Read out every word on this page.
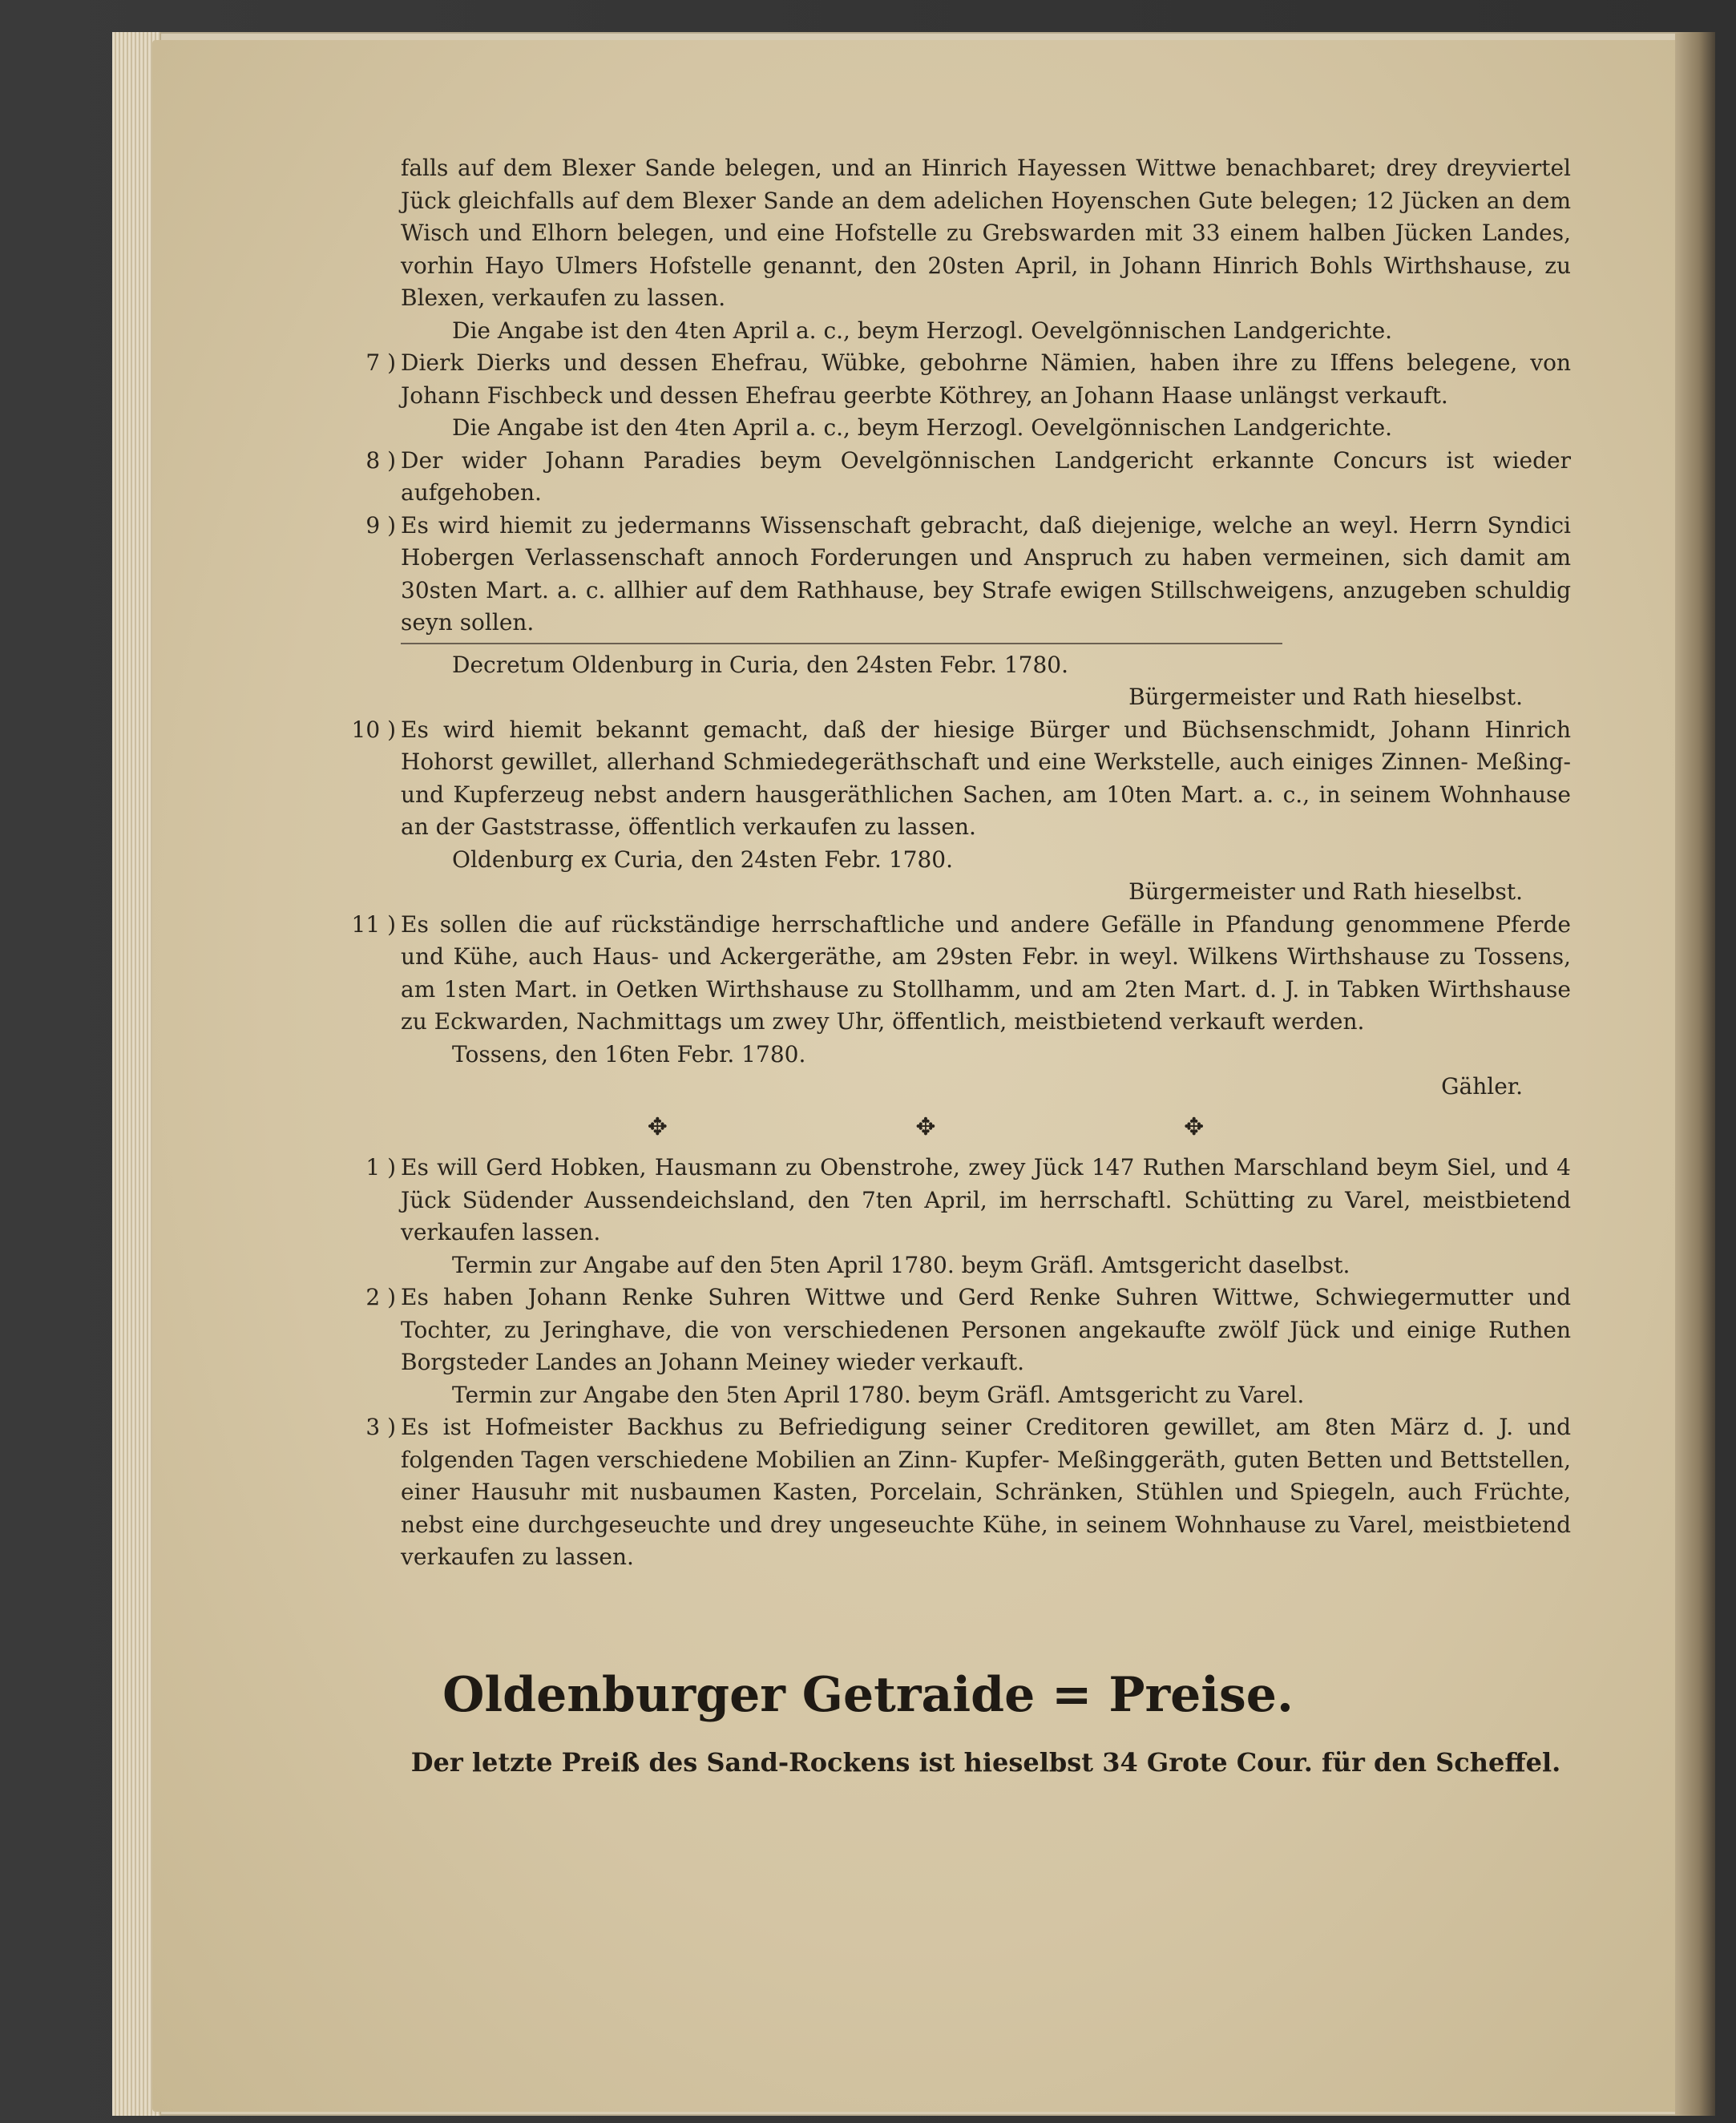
falls auf dem Blexer Sande belegen, und an Hinrich Hayessen Wittwe benachbaret; drey dreyviertel Jück gleichfalls auf dem Blexer Sande an dem adelichen Hoyenschen Gute belegen; 12 Jücken an dem Wisch und Elhorn belegen, und eine Hofstelle zu Grebswarden mit 33 einem halben Jücken Landes, vorhin Hayo Ulmers Hofstelle genannt, den 20sten April, in Johann Hinrich Bohls Wirthshause, zu Blexen, verkaufen zu lassen.

Die Angabe ist den 4ten April a. c., beym Herzogl. Oevelgönnischen Landgerichte.

7 ) Dierk Dierks und dessen Ehefrau, Wübke, gebohrne Nämien, haben ihre zu Iffens belegene, von Johann Fischbeck und dessen Ehefrau geerbte Köthrey, an Johann Haase unlängst verkauft.

Die Angabe ist den 4ten April a. c., beym Herzogl. Oevelgönnischen Landgerichte.

8 ) Der wider Johann Paradies beym Oevelgönnischen Landgericht erkannte Concurs ist wieder aufgehoben.

9 ) Es wird hiemit zu jedermanns Wissenschaft gebracht, daß diejenige, welche an weyl. Herrn Syndici Hobergen Verlassenschaft annoch Forderungen und Anspruch zu haben vermeinen, sich damit am 30sten Mart. a. c. allhier auf dem Rathhause, bey Strafe ewigen Stillschweigens, anzugeben schuldig seyn sollen.

Decretum Oldenburg in Curia, den 24sten Febr. 1780.

Bürgermeister und Rath hieselbst.

10 ) Es wird hiemit bekannt gemacht, daß der hiesige Bürger und Büchsenschmidt, Johann Hinrich Hohorst gewillet, allerhand Schmiedegeräthschaft und eine Werkstelle, auch einiges Zinnen- Meßing- und Kupferzeug nebst andern hausgeräthlichen Sachen, am 10ten Mart. a. c., in seinem Wohnhause an der Gaststrasse, öffentlich verkaufen zu lassen.

Oldenburg ex Curia, den 24sten Febr. 1780.

Bürgermeister und Rath hieselbst.

11 ) Es sollen die auf rückständige herrschaftliche und andere Gefälle in Pfandung genommene Pferde und Kühe, auch Haus- und Ackergeräthe, am 29sten Febr. in weyl. Wilkens Wirthshause zu Tossens, am 1sten Mart. in Oetken Wirthshause zu Stollhamm, und am 2ten Mart. d. J. in Tabken Wirthshause zu Eckwarden, Nachmittags um zwey Uhr, öffentlich, meistbietend verkauft werden.

Tossens, den 16ten Febr. 1780.

Gähler.

✥	✥	✥
1 ) Es will Gerd Hobken, Hausmann zu Obenstrohe, zwey Jück 147 Ruthen Marschland beym Siel, und 4 Jück Südender Aussendeichsland, den 7ten April, im herrschaftl. Schütting zu Varel, meistbietend verkaufen lassen.

Termin zur Angabe auf den 5ten April 1780. beym Gräfl. Amtsgericht daselbst.

2 ) Es haben Johann Renke Suhren Wittwe und Gerd Renke Suhren Wittwe, Schwiegermutter und Tochter, zu Jeringhave, die von verschiedenen Personen angekaufte zwölf Jück und einige Ruthen Borgsteder Landes an Johann Meiney wieder verkauft.

Termin zur Angabe den 5ten April 1780. beym Gräfl. Amtsgericht zu Varel.

3 ) Es ist Hofmeister Backhus zu Befriedigung seiner Creditoren gewillet, am 8ten März d. J. und folgenden Tagen verschiedene Mobilien an Zinn- Kupfer- Meßinggeräth, guten Betten und Bettstellen, einer Hausuhr mit nusbaumen Kasten, Porcelain, Schränken, Stühlen und Spiegeln, auch Früchte, nebst eine durchgeseuchte und drey ungeseuchte Kühe, in seinem Wohnhause zu Varel, meistbietend verkaufen zu lassen.

Oldenburger Getraide = Preise.
Der letzte Preiß des Sand-Rockens ist hieselbst 34 Grote Cour. für den Scheffel.
